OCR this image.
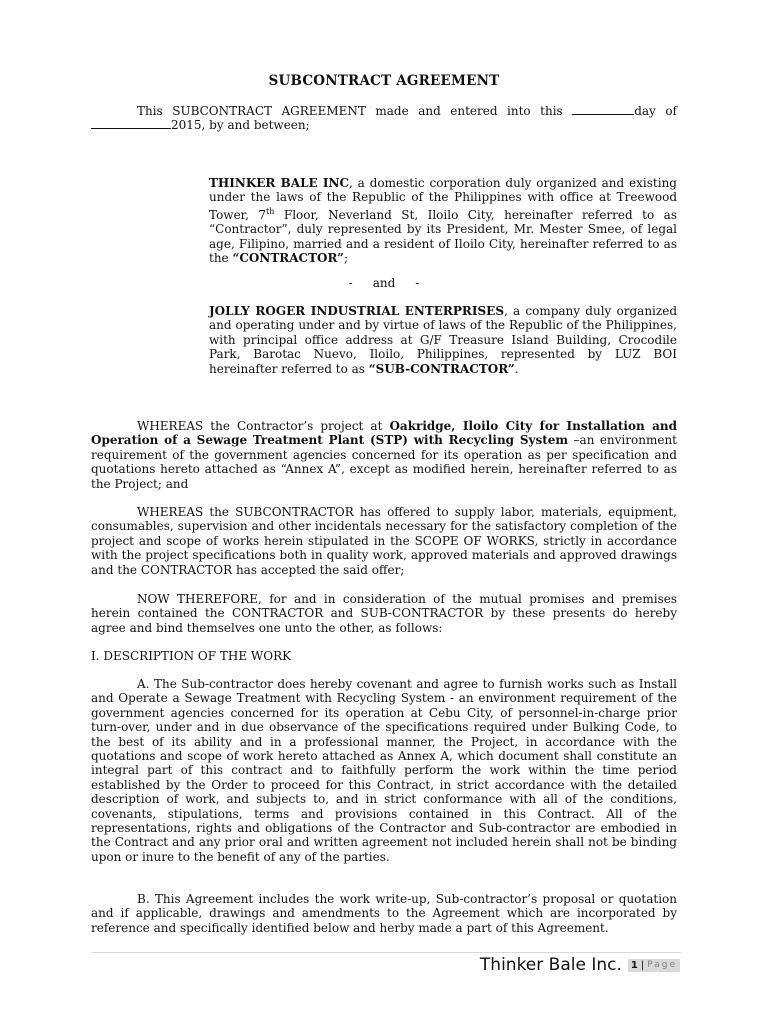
SUBCONTRACT AGREEMENT

This SUBCONTRACT AGREEMENT made and entered into this	day of 2015, by and between;

THINKER BALE INC, a domestic corporation duly organized and existing under the laws of the Republic of the Philippines with office at Treewood Tower, 7th Floor, Neverland St, Iloilo City, hereinafter referred to as “Contractor”, duly represented by its President, Mr. Mester Smee, of legal age, Filipino, married and a resident of Iloilo City, hereinafter referred to as the “CONTRACTOR”;

- and -

JOLLY ROGER INDUSTRIAL ENTERPRISES, a company duly organized and operating under and by virtue of laws of the Republic of the Philippines, with principal office address at G/F Treasure Island Building, Crocodile Park, Barotac Nuevo, Iloilo, Philippines, represented by LUZ BOI hereinafter referred to as “SUB-CONTRACTOR”.

WHEREAS the Contractor’s project at Oakridge, Iloilo City for Installation and Operation of a Sewage Treatment Plant (STP) with Recycling System –an environment requirement of the government agencies concerned for its operation as per specification and quotations hereto attached as “Annex A”, except as modified herein, hereinafter referred to as the Project; and

WHEREAS the SUBCONTRACTOR has offered to supply labor, materials, equipment, consumables, supervision and other incidentals necessary for the satisfactory completion of the project and scope of works herein stipulated in the SCOPE OF WORKS, strictly in accordance with the project specifications both in quality work, approved materials and approved drawings and the CONTRACTOR has accepted the said offer;

NOW THEREFORE, for and in consideration of the mutual promises and premises herein contained the CONTRACTOR and SUB-CONTRACTOR by these presents do hereby agree and bind themselves one unto the other, as follows:

I. DESCRIPTION OF THE WORK

A. The Sub-contractor does hereby covenant and agree to furnish works such as Install and Operate a Sewage Treatment with Recycling System - an environment requirement of the government agencies concerned for its operation at Cebu City, of personnel-in-charge prior turn-over, under and in due observance of the specifications required under Bulking Code, to the best of its ability and in a professional manner, the Project, in accordance with the quotations and scope of work hereto attached as Annex A, which document shall constitute an integral part of this contract and to faithfully perform the work within the time period established by the Order to proceed for this Contract, in strict accordance with the detailed description of work, and subjects to, and in strict conformance with all of the conditions, covenants, stipulations, terms and provisions contained in this Contract. All of the representations, rights and obligations of the Contractor and Sub-contractor are embodied in the Contract and any prior oral and written agreement not included herein shall not be binding upon or inure to the benefit of any of the parties.

B. This Agreement includes the work write-up, Sub-contractor’s proposal or quotation and if applicable, drawings and amendments to the Agreement which are incorporated by reference and specifically identified below and herby made a part of this Agreement.

Thinker Bale Inc. 1 | Page
